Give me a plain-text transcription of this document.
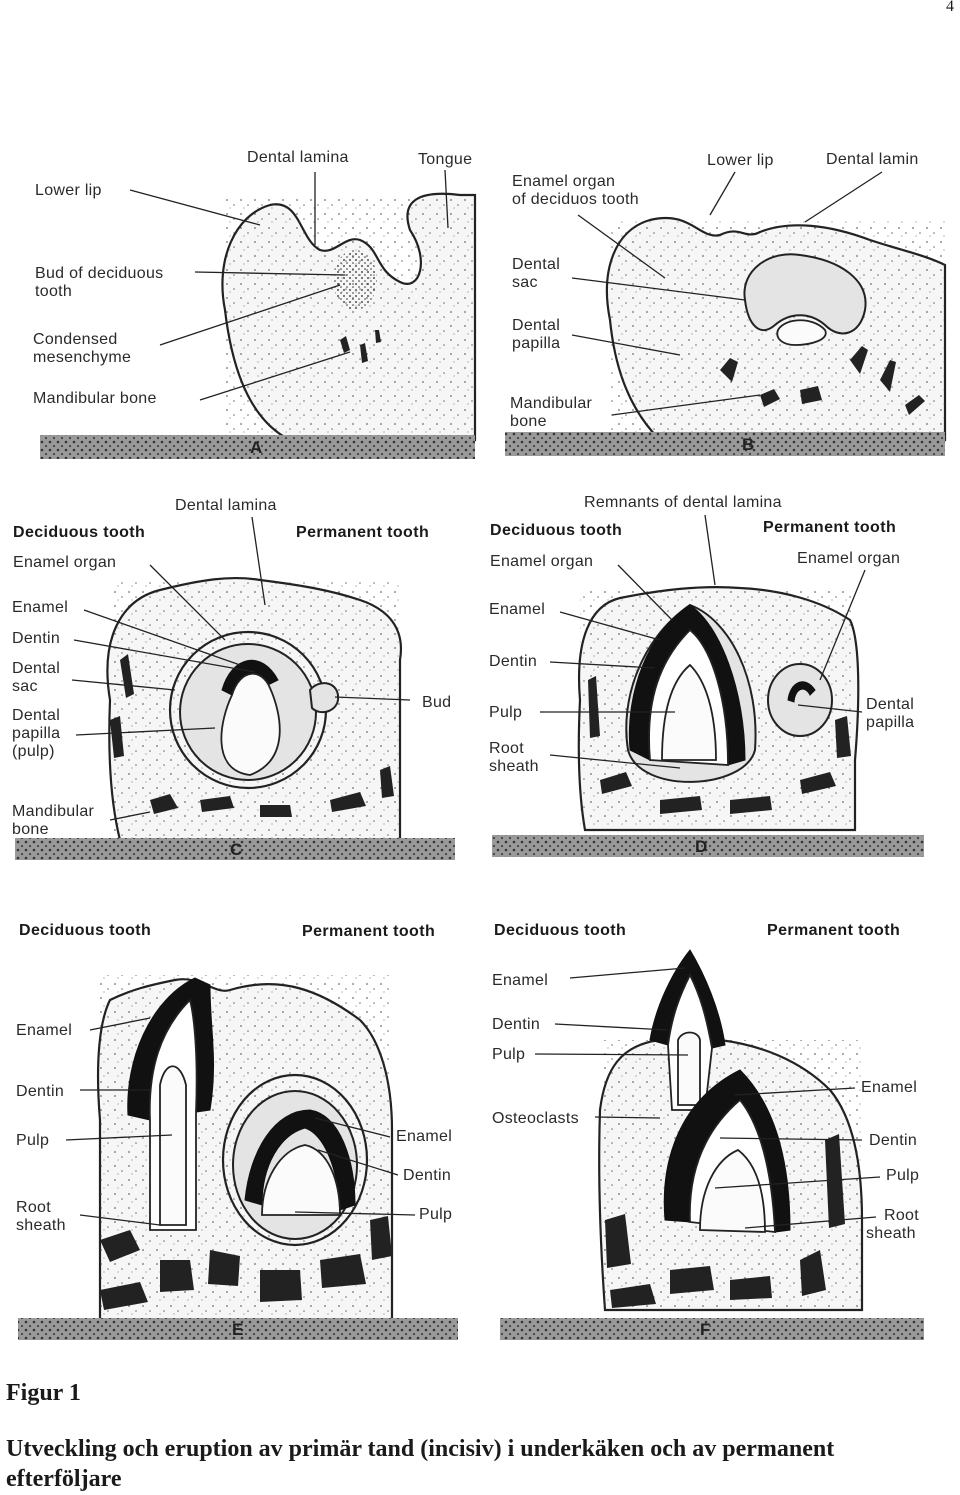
4
A
Dental lamina	Tongue
Lower lip
Bud of deciduous tooth
Condensed mesenchyme
Mandibular bone
B
Lower lip	Dental lamin
Enamel organ of deciduos tooth
Dental sac
Dental papilla
Mandibular bone
C
Dental lamina
Deciduous tooth	Permanent tooth
Enamel organ
Enamel
Dentin
Dental sac
Dental papilla (pulp)
Bud
Mandibular bone
D
Remnants of dental lamina
Deciduous tooth	Permanent tooth
Enamel organ	Enamel organ
Enamel
Dentin
Pulp
Root sheath
Dental papilla
E
Deciduous tooth	Permanent tooth
Enamel
Dentin
Pulp
Root sheath
Enamel
Dentin
Pulp
F
Deciduous tooth	Permanent tooth
Enamel
Dentin
Pulp
Osteoclasts
Enamel
Dentin
Pulp
Root sheath
Figur 1
Utveckling och eruption av primär tand (incisiv) i underkäken och av permanent efterföljare
